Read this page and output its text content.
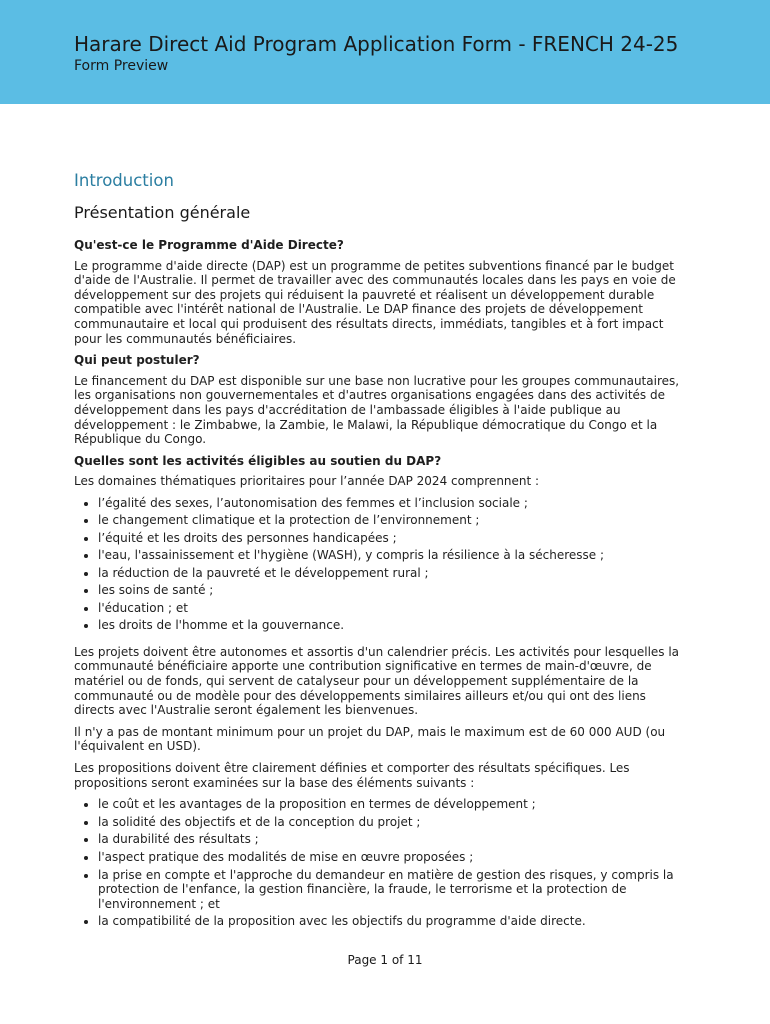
Harare Direct Aid Program Application Form - FRENCH 24-25
Form Preview
Introduction
Présentation générale
Qu'est-ce le Programme d'Aide Directe?
Le programme d'aide directe (DAP) est un programme de petites subventions financé par le budget d'aide de l'Australie. Il permet de travailler avec des communautés locales dans les pays en voie de développement sur des projets qui réduisent la pauvreté et réalisent un développement durable compatible avec l'intérêt national de l'Australie. Le DAP finance des projets de développement communautaire et local qui produisent des résultats directs, immédiats, tangibles et à fort impact pour les communautés bénéficiaires.
Qui peut postuler?
Le financement du DAP est disponible sur une base non lucrative pour les groupes communautaires, les organisations non gouvernementales et d'autres organisations engagées dans des activités de développement dans les pays d'accréditation de l'ambassade éligibles à l'aide publique au développement : le Zimbabwe, la Zambie, le Malawi, la République démocratique du Congo et la République du Congo.
Quelles sont les activités éligibles au soutien du DAP?
Les domaines thématiques prioritaires pour l’année DAP 2024 comprennent :
• l’égalité des sexes, l’autonomisation des femmes et l’inclusion sociale ;
• le changement climatique et la protection de l’environnement ;
• l’équité et les droits des personnes handicapées ;
• l'eau, l'assainissement et l'hygiène (WASH), y compris la résilience à la sécheresse ;
• la réduction de la pauvreté et le développement rural ;
• les soins de santé ;
• l'éducation ; et
• les droits de l'homme et la gouvernance.
Les projets doivent être autonomes et assortis d'un calendrier précis. Les activités pour lesquelles la communauté bénéficiaire apporte une contribution significative en termes de main-d'œuvre, de matériel ou de fonds, qui servent de catalyseur pour un développement supplémentaire de la communauté ou de modèle pour des développements similaires ailleurs et/ou qui ont des liens directs avec l'Australie seront également les bienvenues.
Il n'y a pas de montant minimum pour un projet du DAP, mais le maximum est de 60 000 AUD (ou l'équivalent en USD).
Les propositions doivent être clairement définies et comporter des résultats spécifiques. Les propositions seront examinées sur la base des éléments suivants :
• le coût et les avantages de la proposition en termes de développement ;
• la solidité des objectifs et de la conception du projet ;
• la durabilité des résultats ;
• l'aspect pratique des modalités de mise en œuvre proposées ;
• la prise en compte et l'approche du demandeur en matière de gestion des risques, y compris la protection de l'enfance, la gestion financière, la fraude, le terrorisme et la protection de l'environnement ; et
• la compatibilité de la proposition avec les objectifs du programme d'aide directe.
Page 1 of 11
